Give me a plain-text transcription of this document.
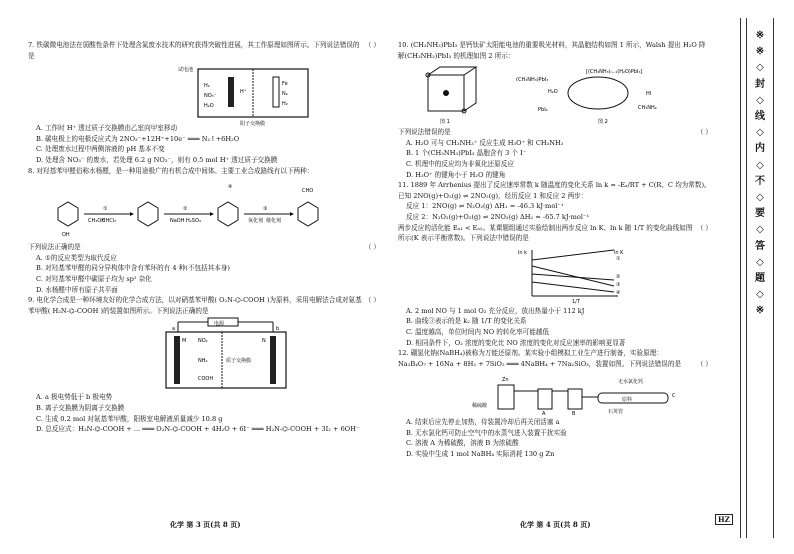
（ ）
7. 铁碳微电池法在弱酸性条件下处理含氮废水技术的研究获得突破性进展，其工作原理如图所示。下列说法错误的是

试电池
H₂
NO₃⁻
H₂O
H⁺
阳子交换膜
Fe
N₂
H₂

A. 工作时 H⁺ 透过质子交换膜由乙室向甲室移动

B. 碳电极上的电极反应式为 2NO₃⁻+12H⁺+10e⁻ ═══ N₂↑+6H₂O

C. 处理废水过程中两侧溶液的 pH 基本不变

D. 处理含 NO₃⁻ 的废水，若处理 6.2 g NO₃⁻，则有 0.5 mol H⁺ 透过质子交换膜

8. 对羟基苯甲醛俗称水杨醛，是一种用途极广的有机合成中间体。主要工业合成路线有以下两种：

①	②	③
④
CHO
OH
CH₃OH
CHCl₃	NaOH H₂SO₄	氧化剂 催化剂

（ ）
下列说法正确的是

A. ①的反应类型为取代反应

B. 对羟基苯甲醛的同分异构体中含有苯环的有 4 种(不包括其本身)

C. 对羟基苯甲醛中碳原子均为 sp² 杂化

D. 水杨醛中所有原子共平面

（ ）
9. 电化学合成是一种环境友好的化学合成方法，以对硝基苯甲酸( O₂N-⌬-COOH )为原料，采用电解法合成对氨基苯甲酸( H₂N-⌬-COOH )的装置如图所示。下列说法正确的是

电源
NO₂
NH₂
COOH
a	b
M	N
质子交换膜

A. a 极电势低于 b 极电势

B. 离子交换膜为阴离子交换膜

C. 生成 0.2 mol 对氨基苯甲酸，阳极室电解液质量减少 10.8 g

D. 总反应式：H₂N-⌬-COOH + ... ═══ O₂N-⌬-COOH + 4H₂O + 6I⁻ ═══ H₂N-⌬-COOH + 3I₂ + 6OH⁻

化学 第 3 页(共 8 页)

10. (CH₃NH₃)PbI₃ 是钙钛矿太阳能电池的重要吸光材料，其晶胞结构如图 1 所示，Walsh 提出 H₂O 降解(CH₃NH₃)PbI₃ 的机理如图 2 所示：

图 1	图 2
(CH₃NH₃)PbI₃
[(CH₃NH₃)ₙ₋₁(H₂O)PbI₃]
HI
CH₃NH₂
H₂O
PbI₂

（ ）
下列说法错误的是

A. H₂O 可与 CH₃NH₃⁺ 反应生成 H₃O⁺ 和 CH₃NH₂

B. 1 个(CH₃NH₃)PbI₃ 晶胞含有 3 个 I⁻

C. 机理中的反应均为非氧化还原反应

D. H₃O⁺ 的键角小于 H₂O 的键角

11. 1889 年 Arrhenius 提出了反应速率常数 k 随温度的变化关系 ln k = -Eₐ/RT + C(R、C 均为常数)。已知 2NO(g)+O₂(g) ⇌ 2NO₂(g)，经历反应 1 和反应 2 两步：

反应 1：2NO(g) ⇌ N₂O₂(g) ΔH₁ = -46.3 kJ·mol⁻¹

反应 2：N₂O₂(g)+O₂(g) ⇌ 2NO₂(g) ΔH₂ = -65.7 kJ·mol⁻¹

（ ）
两步反应的活化能 Eₐ₁ < Eₐ₂。某课题组通过实验绘制出两步反应 ln K、ln k 随 1/T 的变化曲线如图所示(K 表示平衡常数)。下列说法中错误的是

ln k	ln K
①
②
③
④
1/T

A. 2 mol NO 与 1 mol O₂ 充分反应，放出热量小于 112 kJ

B. 曲线③表示的是 k₂ 随 1/T 的变化关系

C. 温度越高，单位时间内 NO 的转化率可能越低

D. 相同条件下，O₂ 浓度的变化比 NO 浓度的变化对反应速率的影响更显著

12. 硼氢化钠(NaBH₄)被称为万能还原剂。某实验小组模拟工业生产进行制备，实验原理：

（ ）
Na₂B₄O₇ + 16Na + 8H₂ + 7SiO₂ ═══ 4NaBH₄ + 7Na₂SiO₃，装置如图。下列说法错误的是

Zn
稀硫酸
A	B
C
无水氯化钙
原料
石英管

A. 结束后应先停止加热，待装置冷却后再关闭活塞 a

B. 无水氯化钙可防止空气中的水蒸气进入装置干扰实验

C. 溶液 A 为稀硫酸，溶液 B 为浓硫酸

D. 实验中生成 1 mol NaBH₄ 实际消耗 130 g Zn

化学 第 4 页(共 8 页)
HZ
※
※
◇
封
◇
线
◇
内
◇
不
◇
要
◇
答
◇
题
◇
※
